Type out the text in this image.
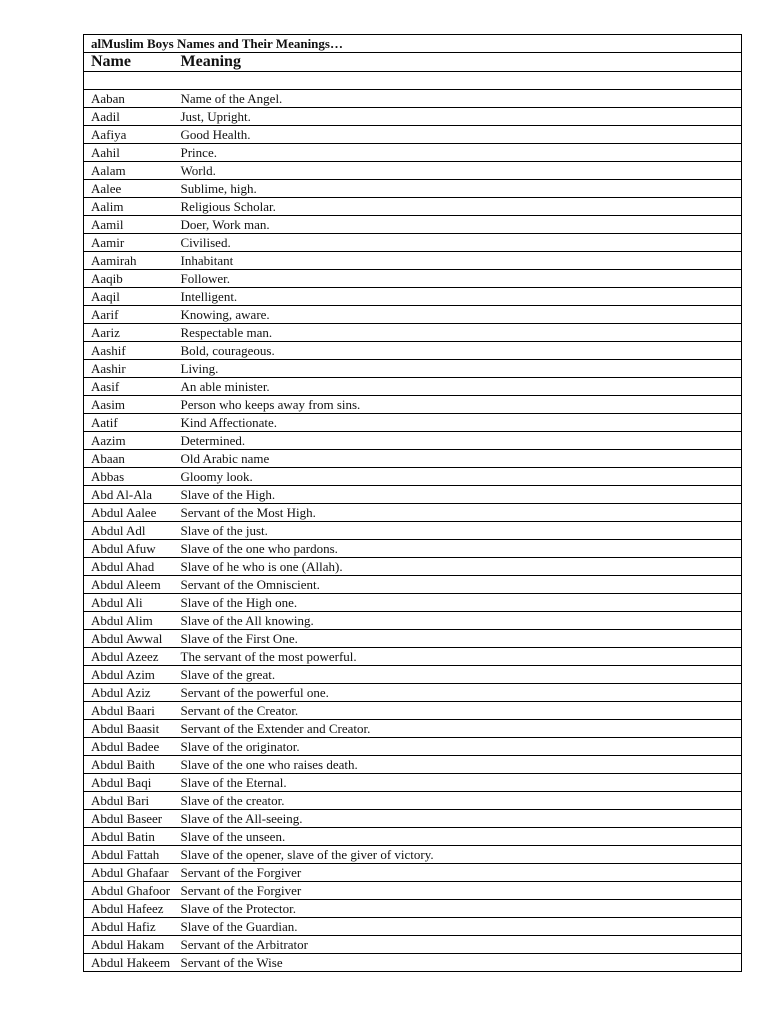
alMuslim Boys Names and Their Meanings…	
Name	Meaning

Aaban	Name of the Angel.
Aadil	Just, Upright.
Aafiya	Good Health.
Aahil	Prince.
Aalam	World.
Aalee	Sublime, high.
Aalim	Religious Scholar.
Aamil	Doer, Work man.
Aamir	Civilised.
Aamirah	Inhabitant
Aaqib	Follower.
Aaqil	Intelligent.
Aarif	Knowing, aware.
Aariz	Respectable man.
Aashif	Bold, courageous.
Aashir	Living.
Aasif	An able minister.
Aasim	Person who keeps away from sins.
Aatif	Kind Affectionate.
Aazim	Determined.
Abaan	Old Arabic name
Abbas	Gloomy look.
Abd Al-Ala	Slave of the High.
Abdul Aalee	Servant of the Most High.
Abdul Adl	Slave of the just.
Abdul Afuw	Slave of the one who pardons.
Abdul Ahad	Slave of he who is one (Allah).
Abdul Aleem	Servant of the Omniscient.
Abdul Ali	Slave of the High one.
Abdul Alim	Slave of the All knowing.
Abdul Awwal	Slave of the First One.
Abdul Azeez	The servant of the most powerful.
Abdul Azim	Slave of the great.
Abdul Aziz	Servant of the powerful one.
Abdul Baari	Servant of the Creator.
Abdul Baasit	Servant of the Extender and Creator.
Abdul Badee	Slave of the originator.
Abdul Baith	Slave of the one who raises death.
Abdul Baqi	Slave of the Eternal.
Abdul Bari	Slave of the creator.
Abdul Baseer	Slave of the All-seeing.
Abdul Batin	Slave of the unseen.
Abdul Fattah	Slave of the opener, slave of the giver of victory.
Abdul Ghafaar	Servant of the Forgiver
Abdul Ghafoor	Servant of the Forgiver
Abdul Hafeez	Slave of the Protector.
Abdul Hafiz	Slave of the Guardian.
Abdul Hakam	Servant of the Arbitrator
Abdul Hakeem	Servant of the Wise
